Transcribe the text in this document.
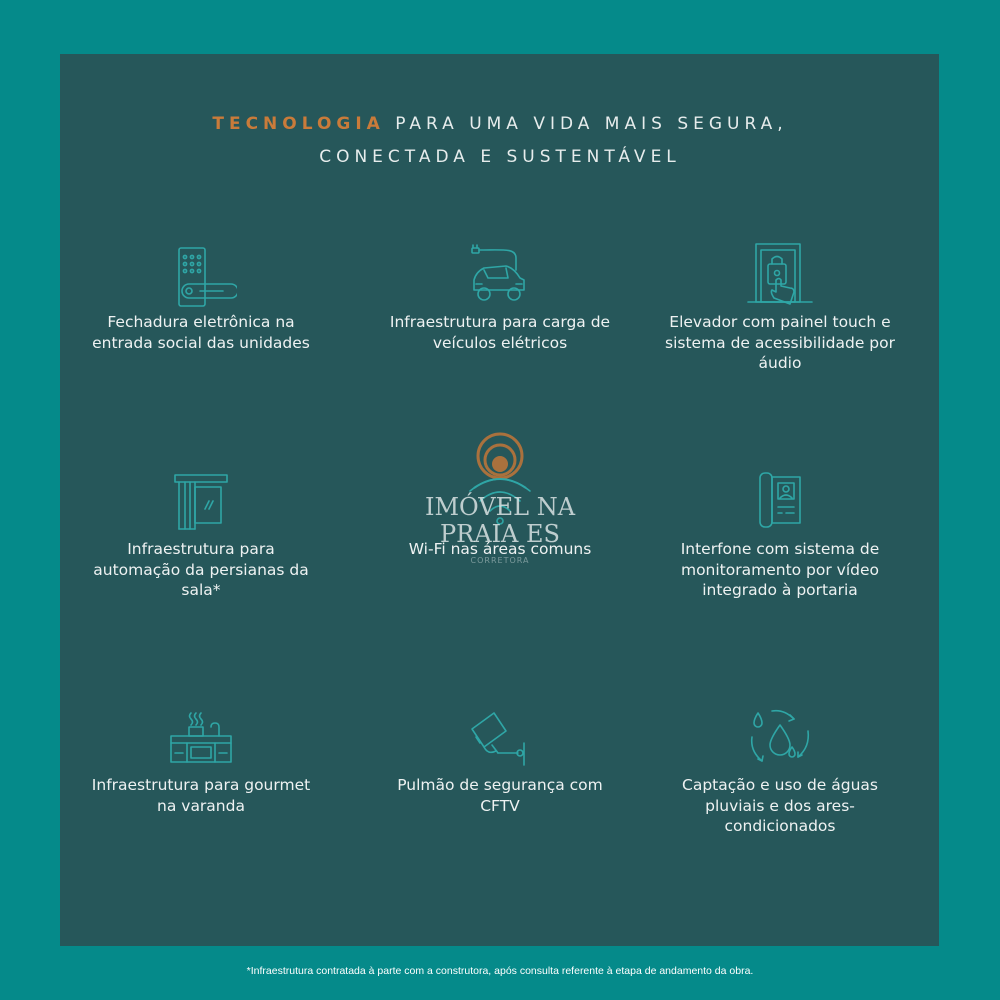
TECNOLOGIA PARA UMA VIDA MAIS SEGURA,
CONECTADA E SUSTENTÁVEL
Fechadura eletrônica na entrada social das unidades
Infraestrutura para carga de veículos elétricos
Elevador com painel touch e sistema de acessibilidade por áudio
Infraestrutura para automação da persianas da sala*
Wi-Fi nas áreas comuns	Interfone com sistema de monitoramento por vídeo integrado à portaria
Infraestrutura para gourmet na varanda
Pulmão de segurança com CFTV
Captação e uso de águas pluviais e dos ares-condicionados
IMÓVEL NA
PRAIA ES
CORRETORA
*Infraestrutura contratada à parte com a construtora, após consulta referente à etapa de andamento da obra.
